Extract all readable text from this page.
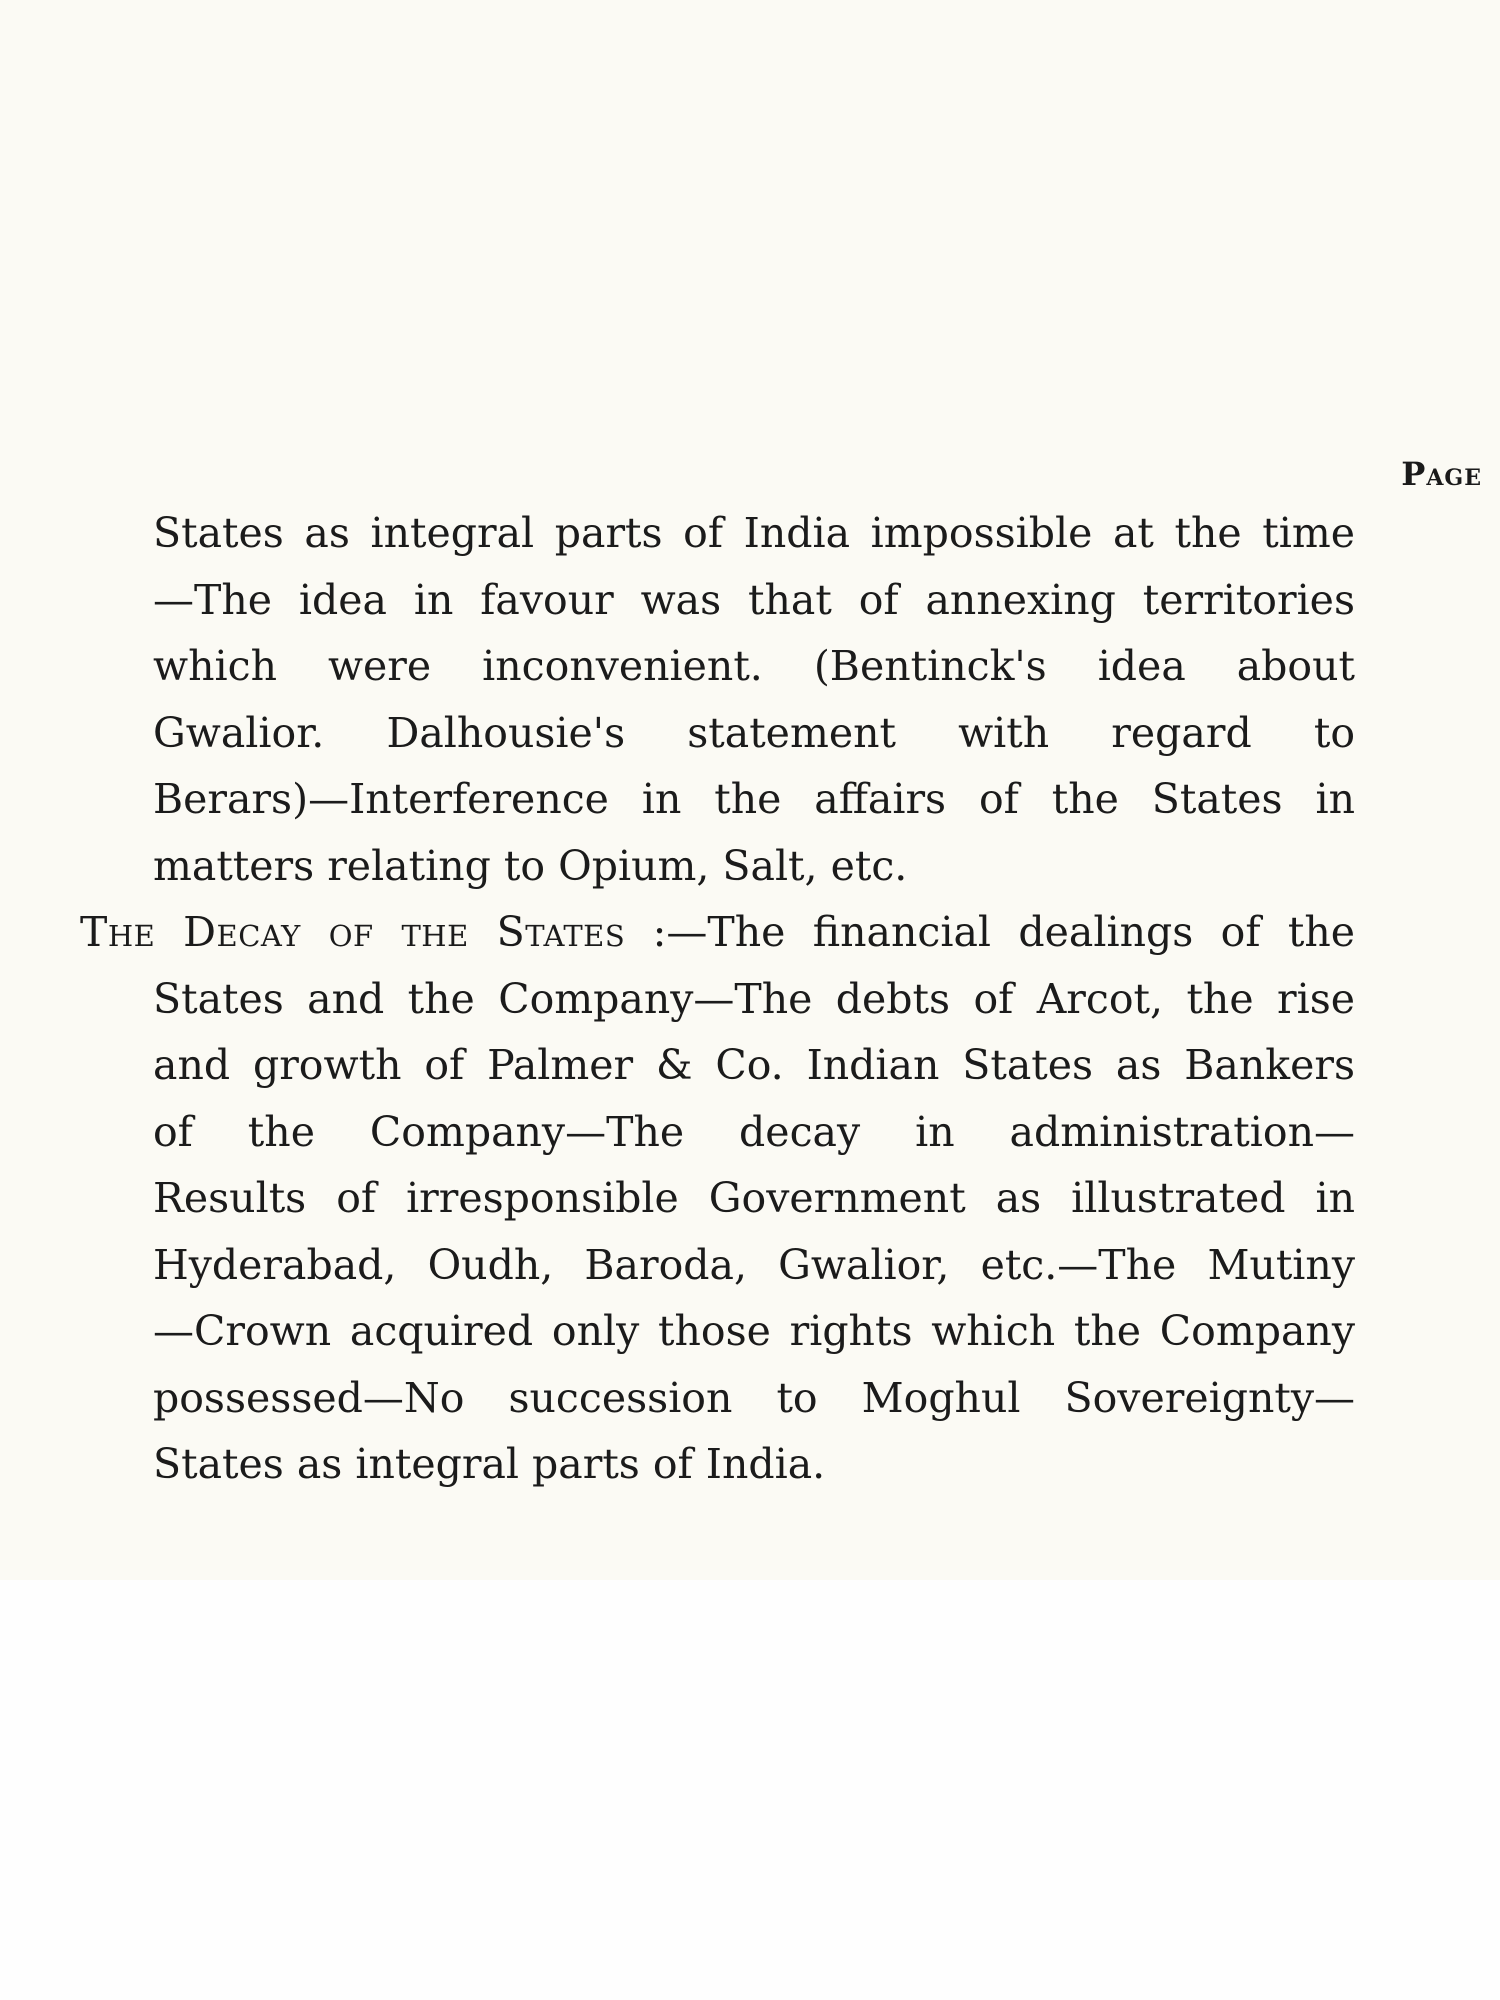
Page
States as integral parts of India impossible at the time
—The idea in favour was that of annexing territories
which were inconvenient. (Bentinck's idea about
Gwalior. Dalhousie's statement with regard to
Berars)—Interference in the affairs of the States in
matters relating to Opium, Salt, etc.
The Decay of the States :—The financial dealings of the
States and the Company—The debts of Arcot, the rise
and growth of Palmer & Co. Indian States as Bankers
of the Company—The decay in administration—
Results of irresponsible Government as illustrated in
Hyderabad, Oudh, Baroda, Gwalior, etc.—The Mutiny
—Crown acquired only those rights which the Company
possessed—No succession to Moghul Sovereignty—
States as integral parts of India.
